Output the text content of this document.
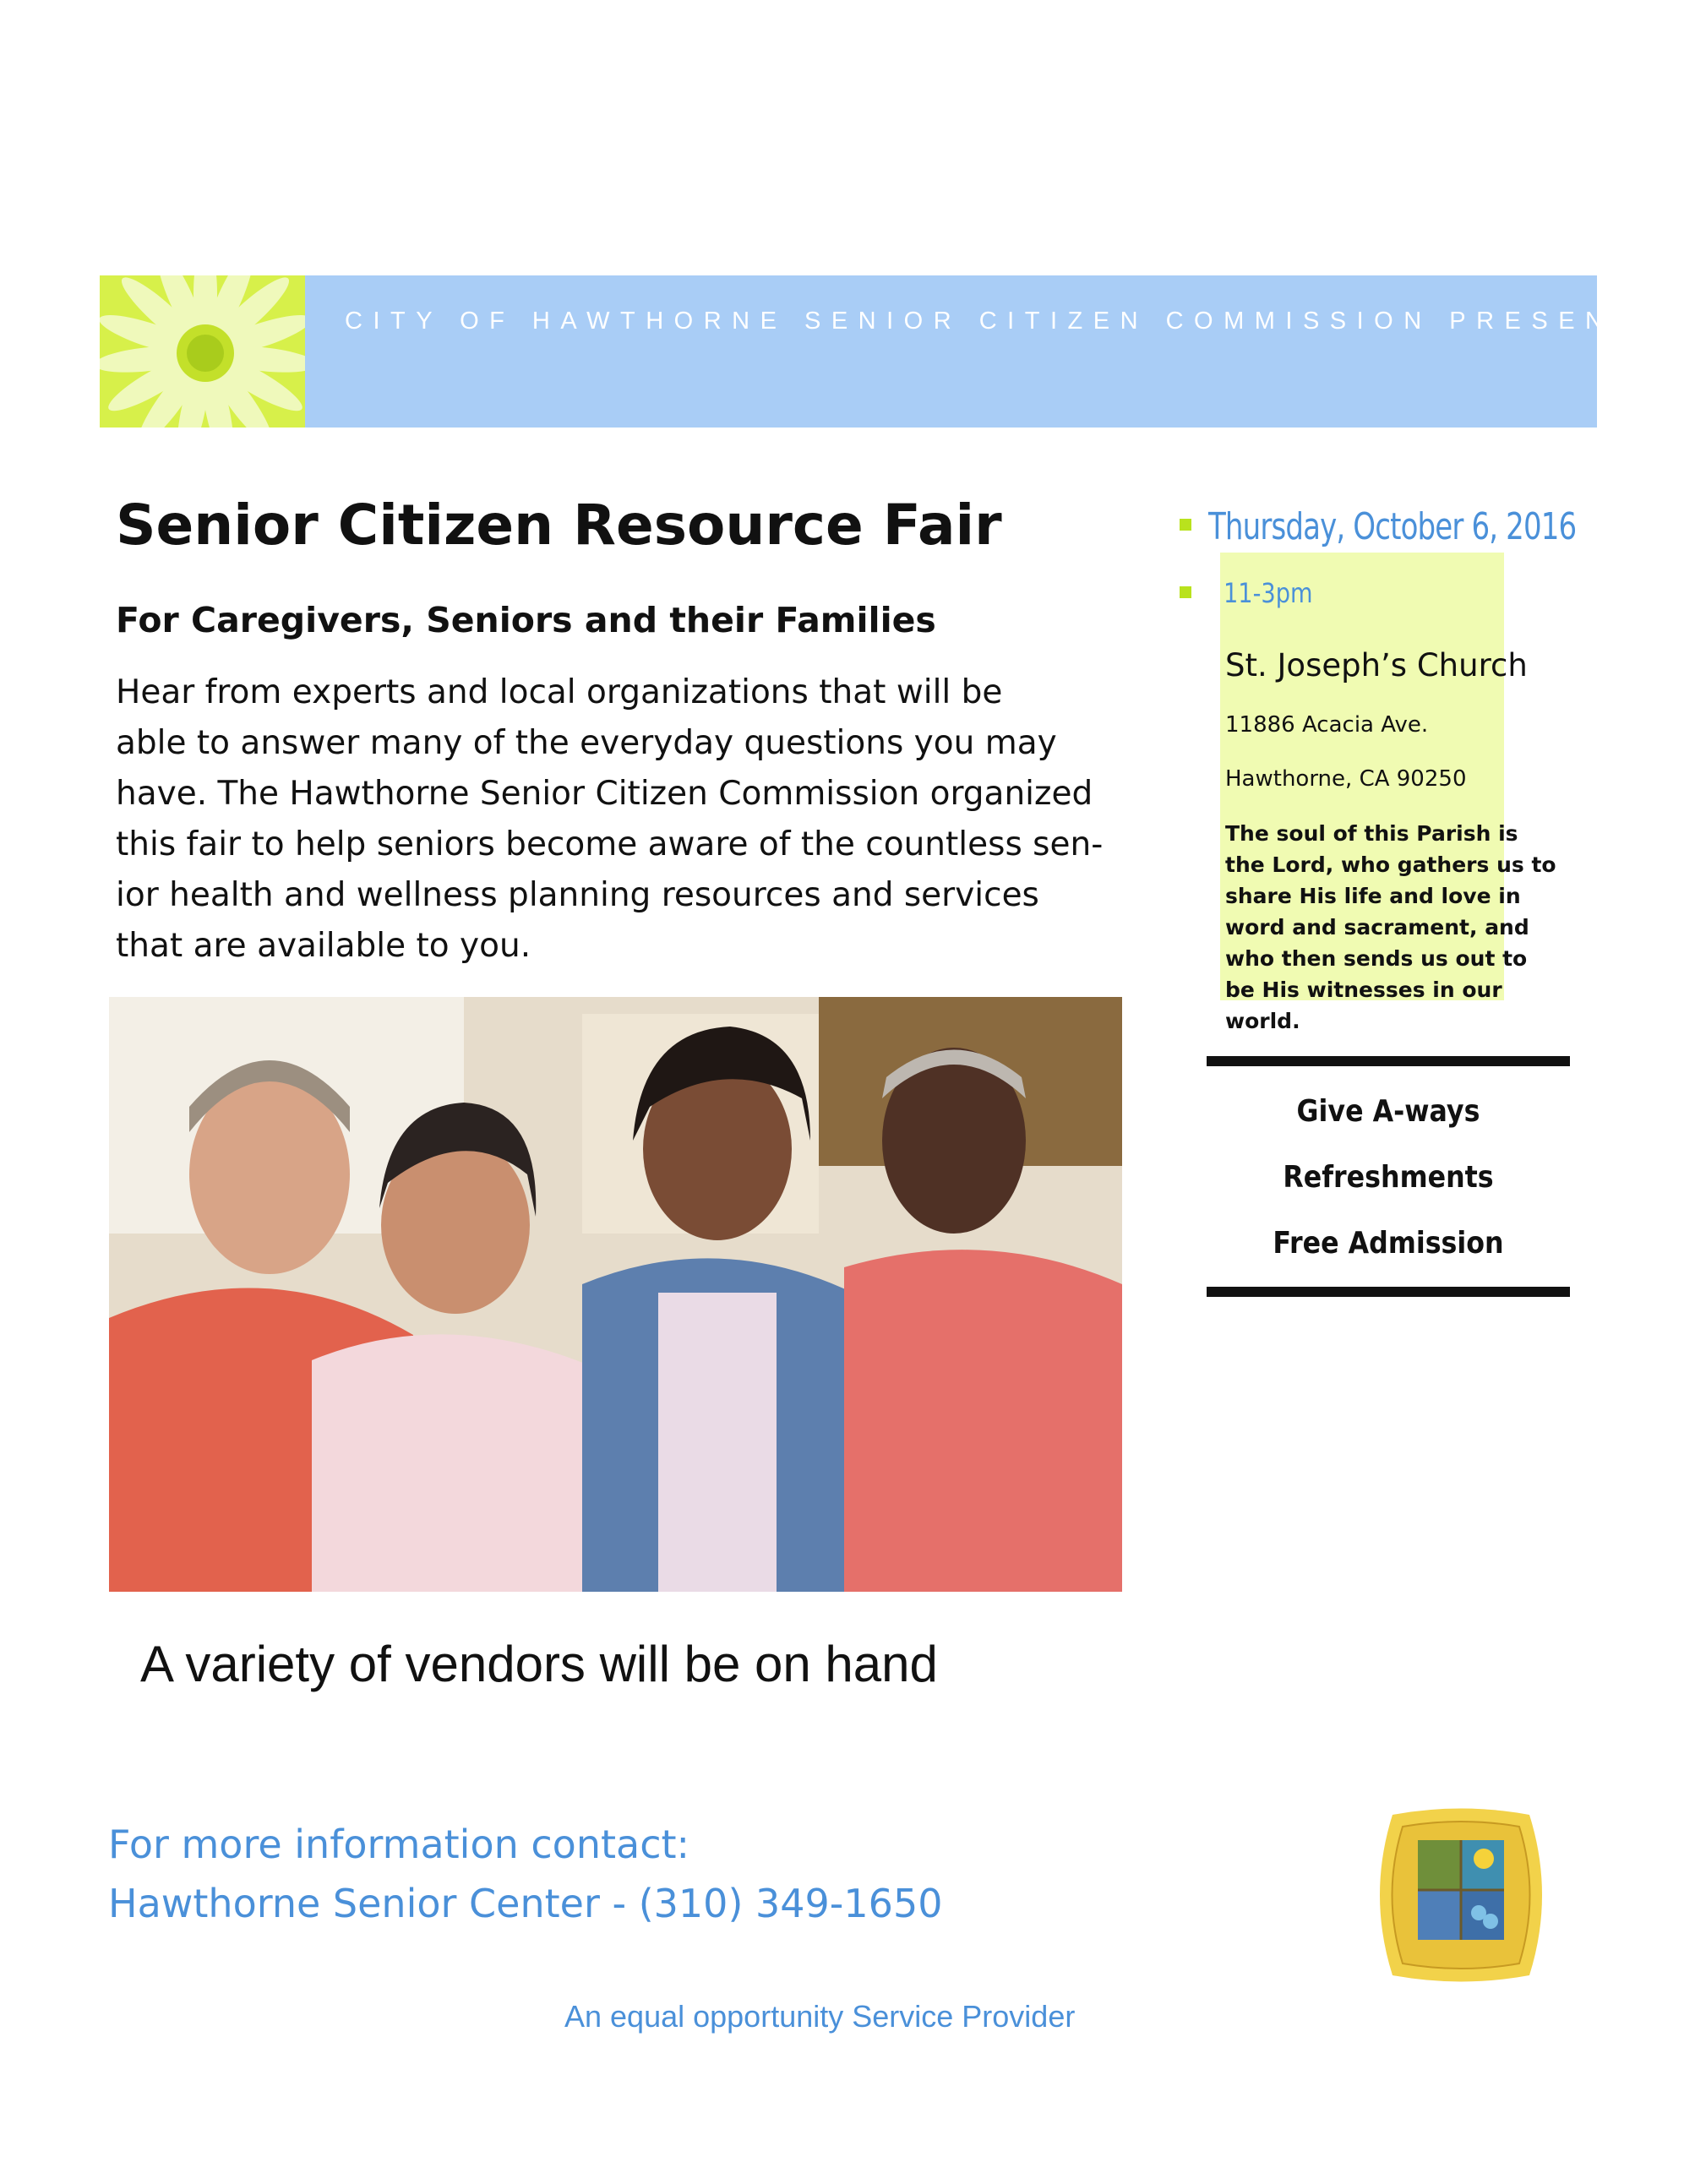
CITY OF HAWTHORNE SENIOR CITIZEN COMMISSION PRESENTS:
Senior Citizen Resource Fair
For Caregivers, Seniors and their Families
Hear from experts and local organizations that will be
able to answer many of the everyday questions you may
have. The Hawthorne Senior Citizen Commission organized
this fair to help seniors become aware of the countless sen-
ior health and wellness planning resources and services
that are available to you.
A variety of vendors will be on hand
Thursday, October 6, 2016
11-3pm
St. Joseph’s Church
11886 Acacia Ave.
Hawthorne, CA 90250
The soul of this Parish is
the Lord, who gathers us to
share His life and love in
word and sacrament, and
who then sends us out to
be His witnesses in our
world.
Give A-ways
Refreshments
Free Admission
For more information contact:
Hawthorne Senior Center - (310) 349-1650
An equal opportunity Service Provider
